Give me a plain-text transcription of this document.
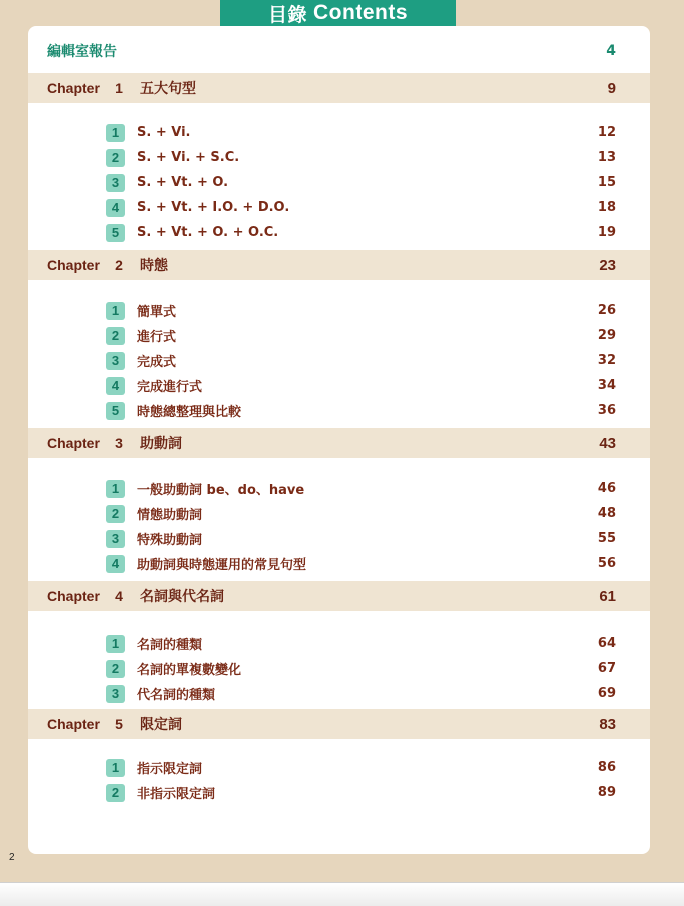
目錄 Contents
編輯室報告	4
Chapter	1	五大句型	9
1	S. + Vi.	12
2	S. + Vi. + S.C.	13
3	S. + Vt. + O.	15
4	S. + Vt. + I.O. + D.O.	18
5	S. + Vt. + O. + O.C.	19
Chapter	2	時態	23
1	簡單式	26
2	進行式	29
3	完成式	32
4	完成進行式	34
5	時態總整理與比較	36
Chapter	3	助動詞	43
1	一般助動詞 be、do、have	46
2	情態助動詞	48
3	特殊助動詞	55
4	助動詞與時態運用的常見句型	56
Chapter	4	名詞與代名詞	61
1	名詞的種類	64
2	名詞的單複數變化	67
3	代名詞的種類	69
Chapter	5	限定詞	83
1	指示限定詞	86
2	非指示限定詞	89
2
